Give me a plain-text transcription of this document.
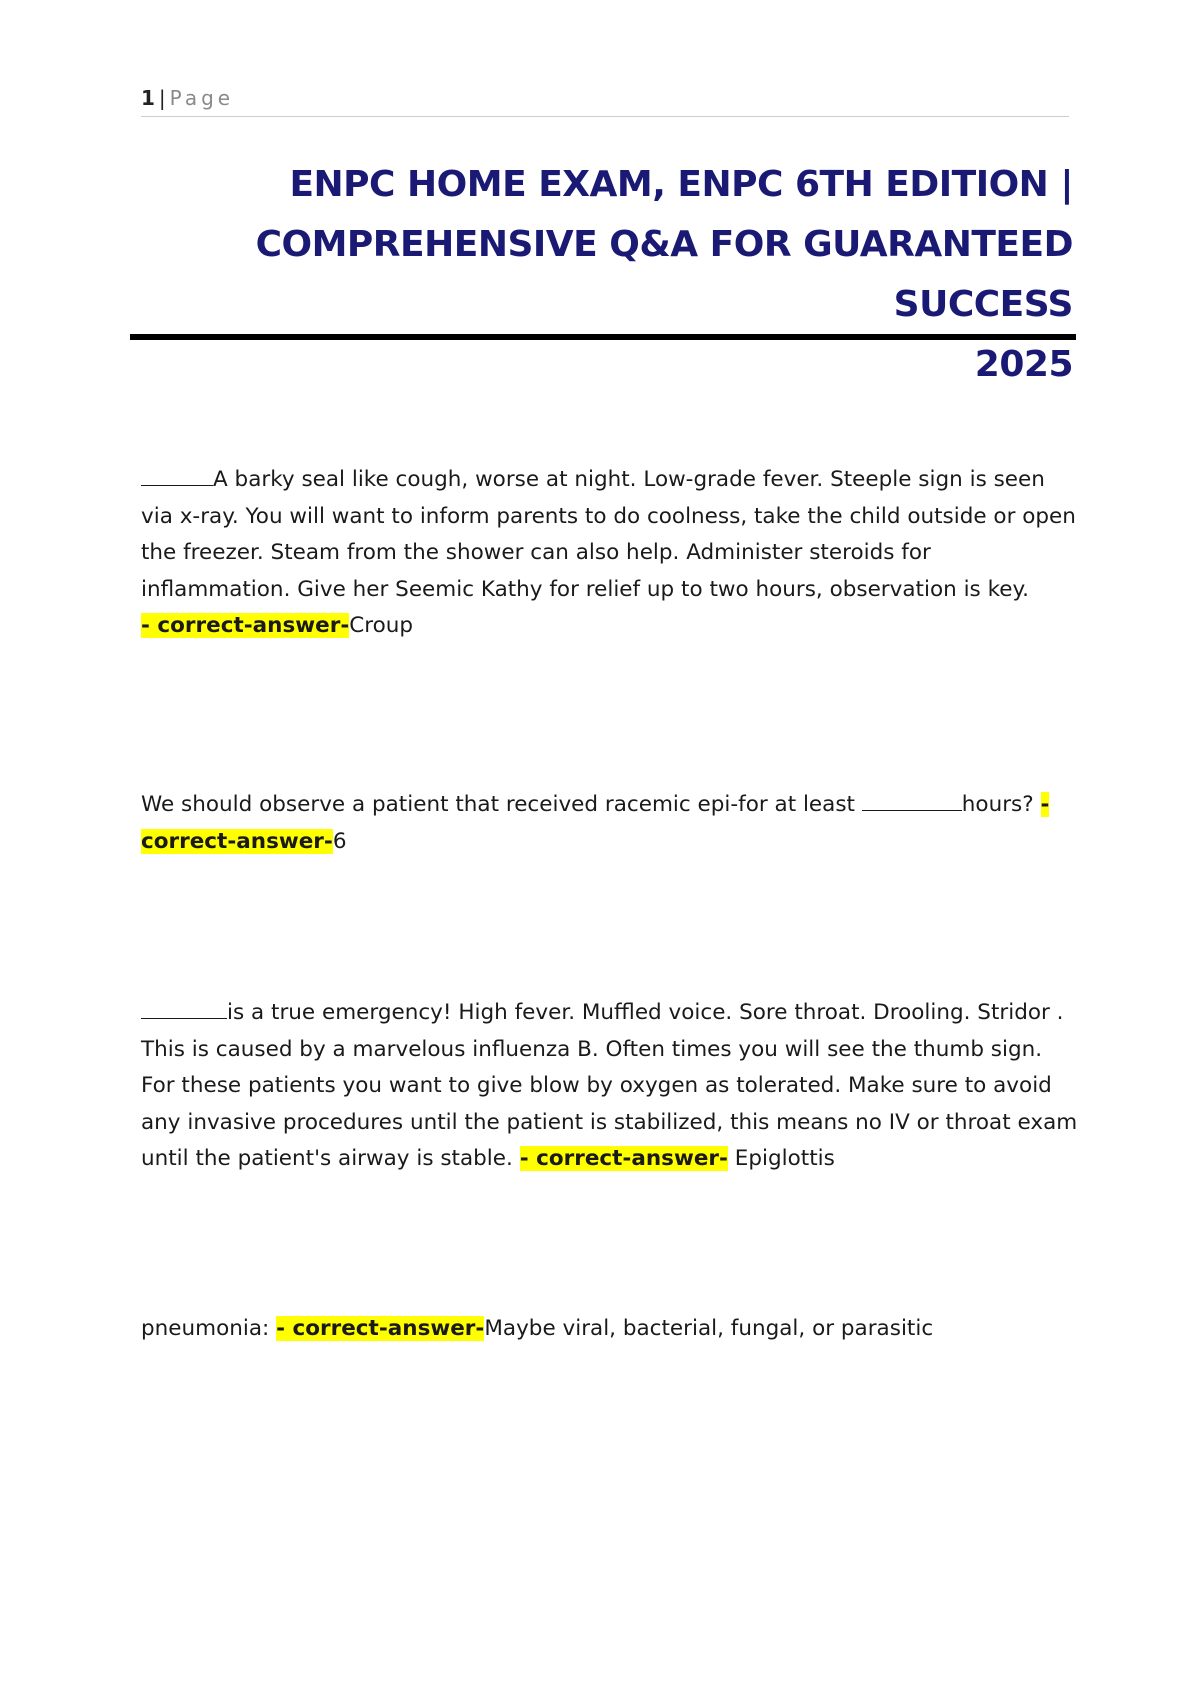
1 | Page
ENPC HOME EXAM, ENPC 6TH EDITION |
COMPREHENSIVE Q&A FOR GUARANTEED SUCCESS
2025
A barky seal like cough, worse at night. Low-grade fever. Steeple sign is seen via x-ray. You will want to inform parents to do coolness, take the child outside or open the freezer. Steam from the shower can also help. Administer steroids for inflammation. Give her Seemic Kathy for relief up to two hours, observation is key.
- correct-answer-Croup
We should observe a patient that received racemic epi-for at least	hours? - correct-answer-6
is a true emergency! High fever. Muffled voice. Sore throat. Drooling. Stridor . This is caused by a marvelous influenza B. Often times you will see the thumb sign. For these patients you want to give blow by oxygen as tolerated. Make sure to avoid any invasive procedures until the patient is stabilized, this means no IV or throat exam until the patient's airway is stable. - correct-answer- Epiglottis
pneumonia: - correct-answer-Maybe viral, bacterial, fungal, or parasitic
